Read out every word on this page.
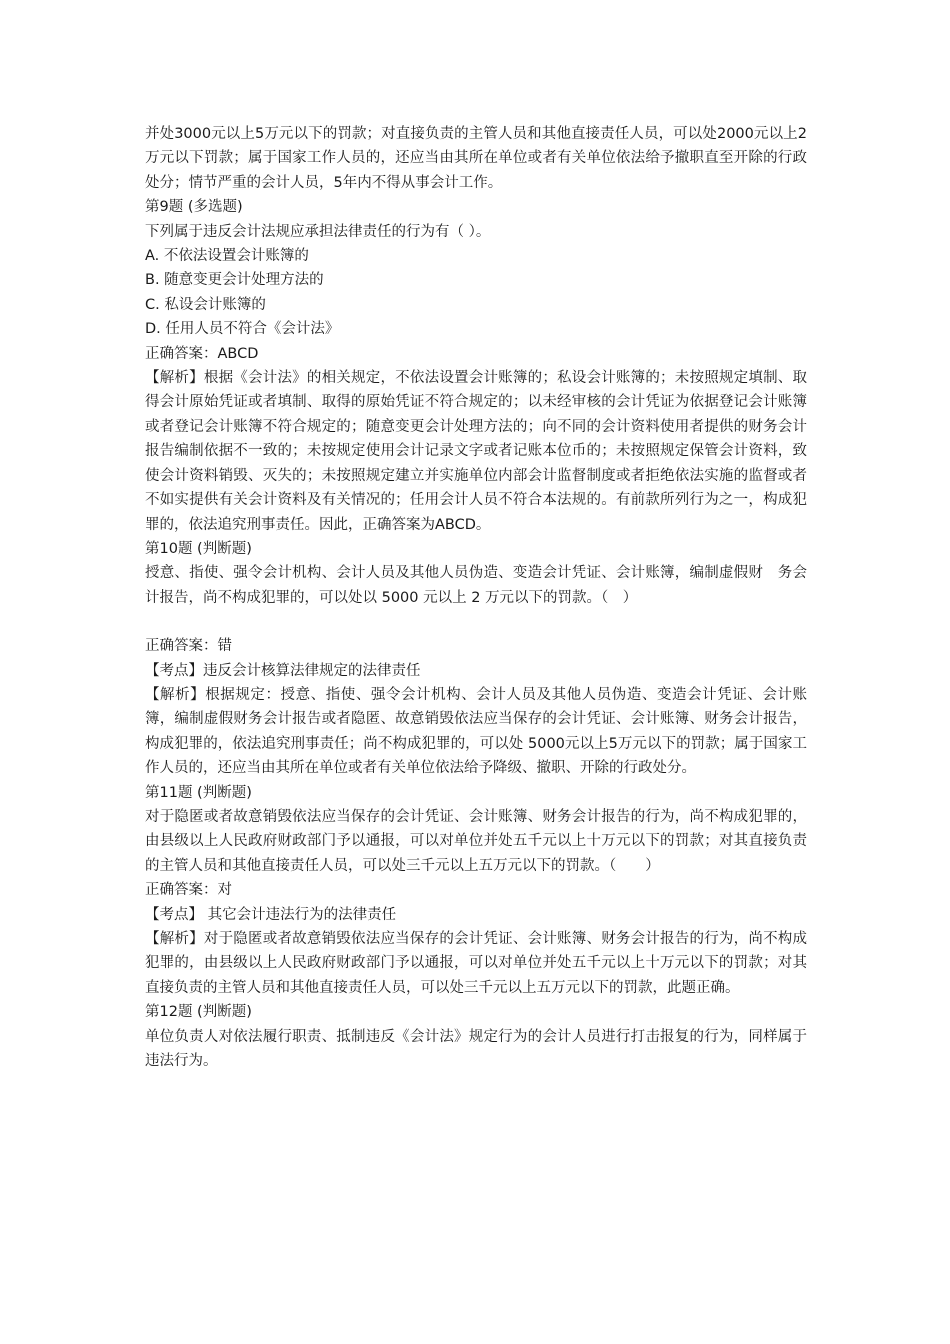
并处3000元以上5万元以下的罚款；对直接负责的主管人员和其他直接责任人员，可以处2000元以上2万元以下罚款；属于国家工作人员的，还应当由其所在单位或者有关单位依法给予撤职直至开除的行政处分；情节严重的会计人员，5年内不得从事会计工作。

第9题 (多选题)

下列属于违反会计法规应承担法律责任的行为有（ ）。

A. 不依法设置会计账簿的

B. 随意变更会计处理方法的

C. 私设会计账簿的

D. 任用人员不符合《会计法》

正确答案：ABCD

【解析】根据《会计法》的相关规定，不依法设置会计账簿的；私设会计账簿的；未按照规定填制、取得会计原始凭证或者填制、取得的原始凭证不符合规定的；以未经审核的会计凭证为依据登记会计账簿或者登记会计账簿不符合规定的；随意变更会计处理方法的；向不同的会计资料使用者提供的财务会计报告编制依据不一致的；未按规定使用会计记录文字或者记账本位币的；未按照规定保管会计资料，致使会计资料销毁、灭失的；未按照规定建立并实施单位内部会计监督制度或者拒绝依法实施的监督或者不如实提供有关会计资料及有关情况的；任用会计人员不符合本法规的。有前款所列行为之一，构成犯罪的，依法追究刑事责任。因此，正确答案为ABCD。

第10题 (判断题)

授意、指使、强令会计机构、会计人员及其他人员伪造、变造会计凭证、会计账簿，编制虚假财　务会计报告，尚不构成犯罪的，可以处以 5000 元以上 2 万元以下的罚款。（　）

正确答案：错

【考点】违反会计核算法律规定的法律责任

【解析】根据规定：授意、指使、强令会计机构、会计人员及其他人员伪造、变造会计凭证、会计账簿，编制虚假财务会计报告或者隐匿、故意销毁依法应当保存的会计凭证、会计账簿、财务会计报告，构成犯罪的，依法追究刑事责任；尚不构成犯罪的，可以处 5000元以上5万元以下的罚款；属于国家工作人员的，还应当由其所在单位或者有关单位依法给予降级、撤职、开除的行政处分。

第11题 (判断题)

对于隐匿或者故意销毁依法应当保存的会计凭证、会计账簿、财务会计报告的行为，尚不构成犯罪的，由县级以上人民政府财政部门予以通报，可以对单位并处五千元以上十万元以下的罚款；对其直接负责的主管人员和其他直接责任人员，可以处三千元以上五万元以下的罚款。（　　）

正确答案：对

【考点】 其它会计违法行为的法律责任

【解析】对于隐匿或者故意销毁依法应当保存的会计凭证、会计账簿、财务会计报告的行为，尚不构成犯罪的，由县级以上人民政府财政部门予以通报，可以对单位并处五千元以上十万元以下的罚款；对其直接负责的主管人员和其他直接责任人员，可以处三千元以上五万元以下的罚款，此题正确。

第12题 (判断题)

单位负责人对依法履行职责、抵制违反《会计法》规定行为的会计人员进行打击报复的行为，同样属于违法行为。
